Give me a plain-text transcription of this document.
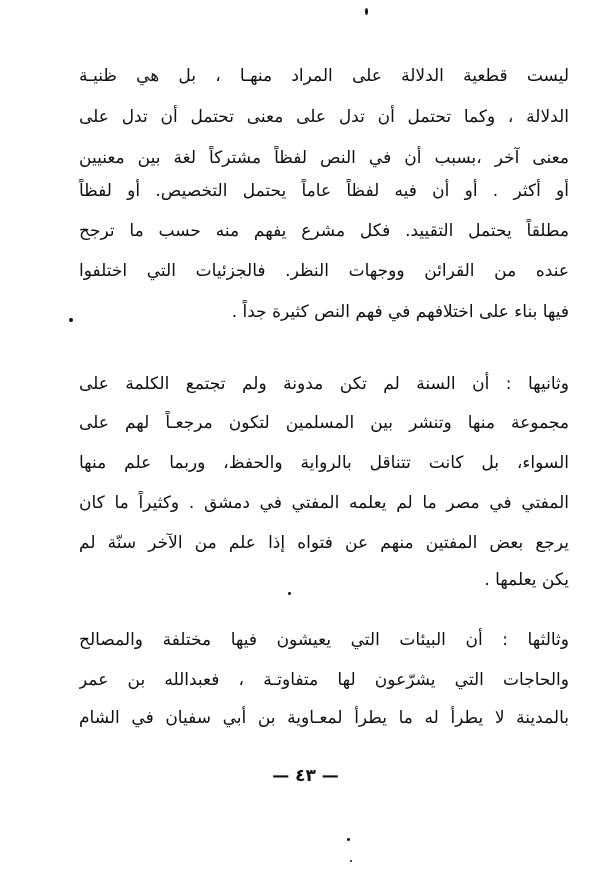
ليست قطعية الدلالة على المراد منهـا ، بل هي ظنيـة
الدلالة ، وكما تحتمل أن تدل على معنى تحتمل أن تدل على
معنى آخر ،بسبب أن في النص لفظاً مشتركاً لغة بين معنيين
أو أكثر . أو أن فيه لفظاً عاماً يحتمل التخصيص. أو لفظاً
مطلقاً يحتمل التقييد. فكل مشرع يفهم منه حسب ما ترجح
عنده من القرائن ووجهات النظر. فالجزئيات التي اختلفوا
فيها بناء على اختلافهم في فهم النص كثيرة جداً .
وثانيها : أن السنة لم تكن مدونة ولم تجتمع الكلمة على
مجموعة منها وتنشر بين المسلمين لتكون مرجعـاً لهم على
السواء، بل كانت تتناقل بالرواية والحفظ، وربما علم منها
المفتي في مصر ما لم يعلمه المفتي في دمشق . وكثيراً ما كان
يرجع بعض المفتين منهم عن فتواه إذا علم من الآخر سنّة لم
يكن يعلمها .
وثالثها : أن البيئات التي يعيشون فيها مختلفة والمصالح
والحاجات التي يشرّعون لها متفاوتـة ، فعبدالله بن عمر
بالمدينة لا يطرأ له ما يطرأ لمعـاوية بن أبي سفيان في الشام
— ٤٣ —
